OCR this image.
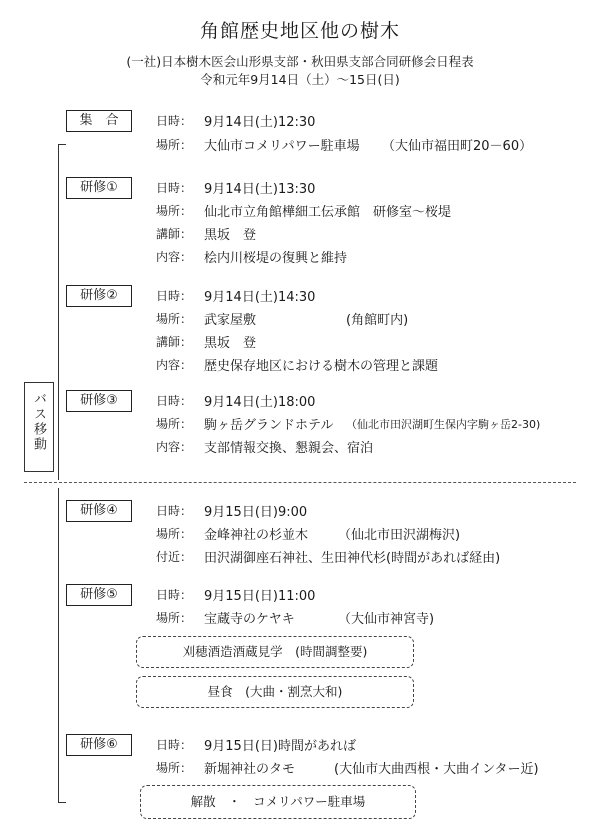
角館歴史地区他の樹木
(一社)日本樹木医会山形県支部・秋田県支部合同研修会日程表
令和元年9月14日（土）〜15日(日)
バス移動
集　合	日時： 9月14日(土)12:30
場所： 大仙市コメリパワー駐車場 （大仙市福田町20－60）
研修①	日時： 9月14日(土)13:30
場所： 仙北市立角館樺細工伝承館　研修室〜桜堤
講師： 黒坂　登
内容： 桧内川桜堤の復興と維持
研修②	日時： 9月14日(土)14:30
場所： 武家屋敷	(角館町内)
講師： 黒坂　登
内容： 歴史保存地区における樹木の管理と課題
研修③	日時： 9月14日(土)18:00
場所： 駒ヶ岳グランドホテル （仙北市田沢湖町生保内字駒ヶ岳2-30)
内容： 支部情報交換、懇親会、宿泊
研修④	日時： 9月15日(日)9:00
場所： 金峰神社の杉並木 （仙北市田沢湖梅沢)
付近： 田沢湖御座石神社、生田神代杉(時間があれば経由)
研修⑤	日時： 9月15日(日)11:00
場所： 宝蔵寺のケヤキ	（大仙市神宮寺)
刈穂酒造酒蔵見学　(時間調整要)
昼食　(大曲・割烹大和)
研修⑥	日時： 9月15日(日)時間があれば
場所： 新堀神社のタモ	(大仙市大曲西根・大曲インター近)
解散　・　コメリパワー駐車場
